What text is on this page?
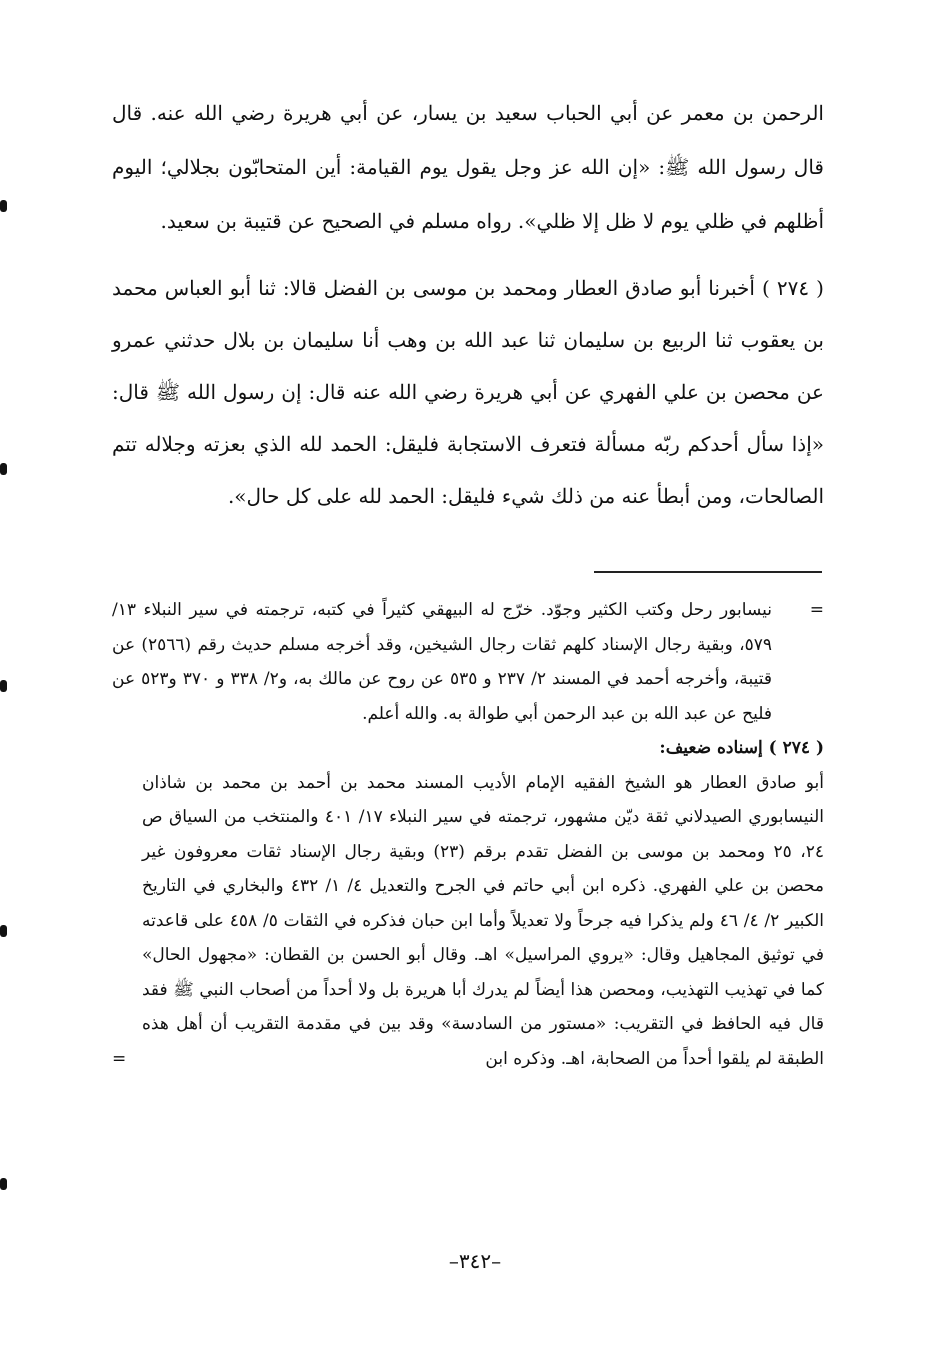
الرحمن بن معمر عن أبي الحباب سعيد بن يسار، عن أبي هريرة رضي الله عنه. قال قال رسول الله ﷺ: «إن الله عز وجل يقول يوم القيامة: أين المتحابّون بجلالي؛ اليوم أظلهم في ظلي يوم لا ظل إلا ظلي». رواه مسلم في الصحيح عن قتيبة بن سعيد.

( ٢٧٤ ) أخبرنا أبو صادق العطار ومحمد بن موسى بن الفضل قالا: ثنا أبو العباس محمد بن يعقوب ثنا الربيع بن سليمان ثنا عبد الله بن وهب أنا سليمان بن بلال حدثني عمرو عن محصن بن علي الفهري عن أبي هريرة رضي الله عنه قال: إن رسول الله ﷺ قال: «إذا سأل أحدكم ربّه مسألة فتعرف الاستجابة فليقل: الحمد لله الذي بعزته وجلاله تتم الصالحات، ومن أبطأ عنه من ذلك شيء فليقل: الحمد لله على كل حال».

=
نيسابور رحل وكتب الكثير وجوّد. خرّج له البيهقي كثيراً في كتبه، ترجمته في سير النبلاء ١٣/ ٥٧٩، وبقية رجال الإسناد كلهم ثقات رجال الشيخين، وقد أخرجه مسلم حديث رقم (٢٥٦٦) عن قتيبة، وأخرجه أحمد في المسند ٢/ ٢٣٧ و ٥٣٥ عن روح عن مالك به، و٢/ ٣٣٨ و ٣٧٠ و٥٢٣ عن فليح عن عبد الله بن عبد الرحمن أبي طوالة به. والله أعلم.

( ٢٧٤ ) إسناده ضعيف:

أبو صادق العطار هو الشيخ الفقيه الإمام الأديب المسند محمد بن أحمد بن محمد بن شاذان النيسابوري الصيدلاني ثقة ديّن مشهور، ترجمته في سير النبلاء ١٧/ ٤٠١ والمنتخب من السياق ص ٢٤، ٢٥ ومحمد بن موسى بن الفضل تقدم برقم (٢٣) وبقية رجال الإسناد ثقات معروفون غير محصن بن علي الفهري. ذكره ابن أبي حاتم في الجرح والتعديل ٤/ ١/ ٤٣٢ والبخاري في التاريخ الكبير ٢/ ٤/ ٤٦ ولم يذكرا فيه جرحاً ولا تعديلاً وأما ابن حبان فذكره في الثقات ٥/ ٤٥٨ على قاعدته في توثيق المجاهيل وقال: «يروي المراسيل» اهـ. وقال أبو الحسن بن القطان: «مجهول الحال» كما في تهذيب التهذيب، ومحصن هذا أيضاً لم يدرك أبا هريرة بل ولا أحداً من أصحاب النبي ﷺ فقد قال فيه الحافظ في التقريب: «مستور من السادسة» وقد بين في مقدمة التقريب أن أهل هذه الطبقة لم يلقوا أحداً من الصحابة، اهـ. وذكره ابن
=

–٣٤٢–
